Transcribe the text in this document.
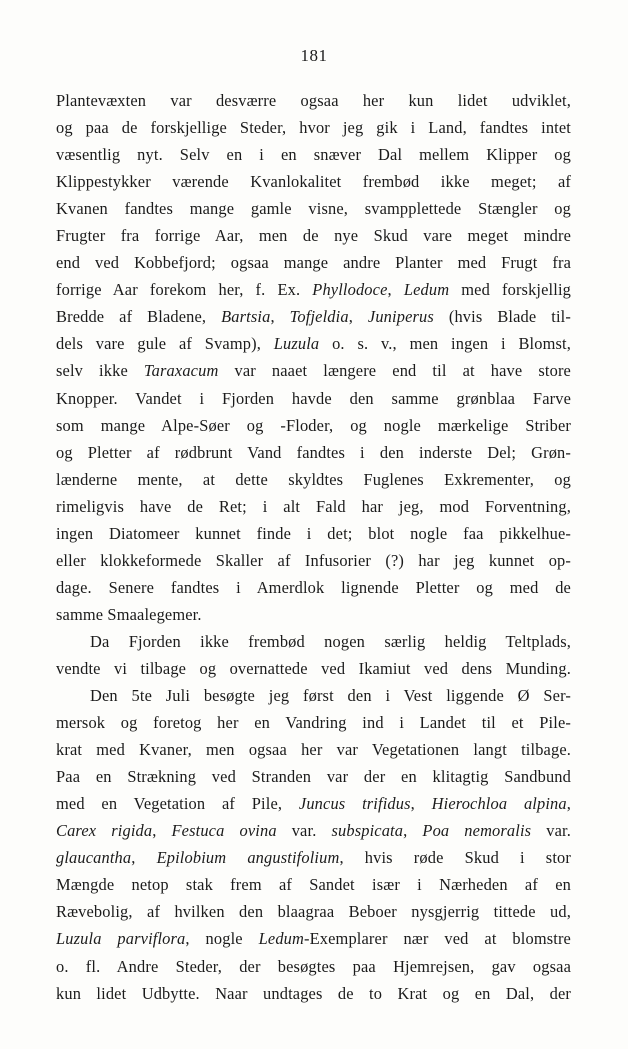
181
Plantevæxten var desværre ogsaa her kun lidet udviklet,
og paa de forskjellige Steder, hvor jeg gik i Land, fandtes intet
væsentlig nyt. Selv en i en snæver Dal mellem Klipper og
Klippestykker værende Kvanlokalitet frembød ikke meget; af
Kvanen fandtes mange gamle visne, svampplettede Stængler og
Frugter fra forrige Aar, men de nye Skud vare meget mindre
end ved Kobbefjord; ogsaa mange andre Planter med Frugt fra
forrige Aar forekom her, f. Ex. Phyllodoce, Ledum med forskjellig
Bredde af Bladene, Bartsia, Tofjeldia, Juniperus (hvis Blade til-
dels vare gule af Svamp), Luzula o. s. v., men ingen i Blomst,
selv ikke Taraxacum var naaet længere end til at have store
Knopper. Vandet i Fjorden havde den samme grønblaa Farve
som mange Alpe-Søer og -Floder, og nogle mærkelige Striber
og Pletter af rødbrunt Vand fandtes i den inderste Del; Grøn-
lænderne mente, at dette skyldtes Fuglenes Exkrementer, og
rimeligvis have de Ret; i alt Fald har jeg, mod Forventning,
ingen Diatomeer kunnet finde i det; blot nogle faa pikkelhue-
eller klokkeformede Skaller af Infusorier (?) har jeg kunnet op-
dage. Senere fandtes i Amerdlok lignende Pletter og med de
samme Smaalegemer.
Da Fjorden ikke frembød nogen særlig heldig Teltplads,
vendte vi tilbage og overnattede ved Ikamiut ved dens Munding.
Den 5te Juli besøgte jeg først den i Vest liggende Ø Ser-
mersok og foretog her en Vandring ind i Landet til et Pile-
krat med Kvaner, men ogsaa her var Vegetationen langt tilbage.
Paa en Strækning ved Stranden var der en klitagtig Sandbund
med en Vegetation af Pile, Juncus trifidus, Hierochloa alpina,
Carex rigida, Festuca ovina var. subspicata, Poa nemoralis var.
glaucantha, Epilobium angustifolium, hvis røde Skud i stor
Mængde netop stak frem af Sandet især i Nærheden af en
Rævebolig, af hvilken den blaagraa Beboer nysgjerrig tittede ud,
Luzula parviflora, nogle Ledum-Exemplarer nær ved at blomstre
o. fl. Andre Steder, der besøgtes paa Hjemrejsen, gav ogsaa
kun lidet Udbytte. Naar undtages de to Krat og en Dal, der
